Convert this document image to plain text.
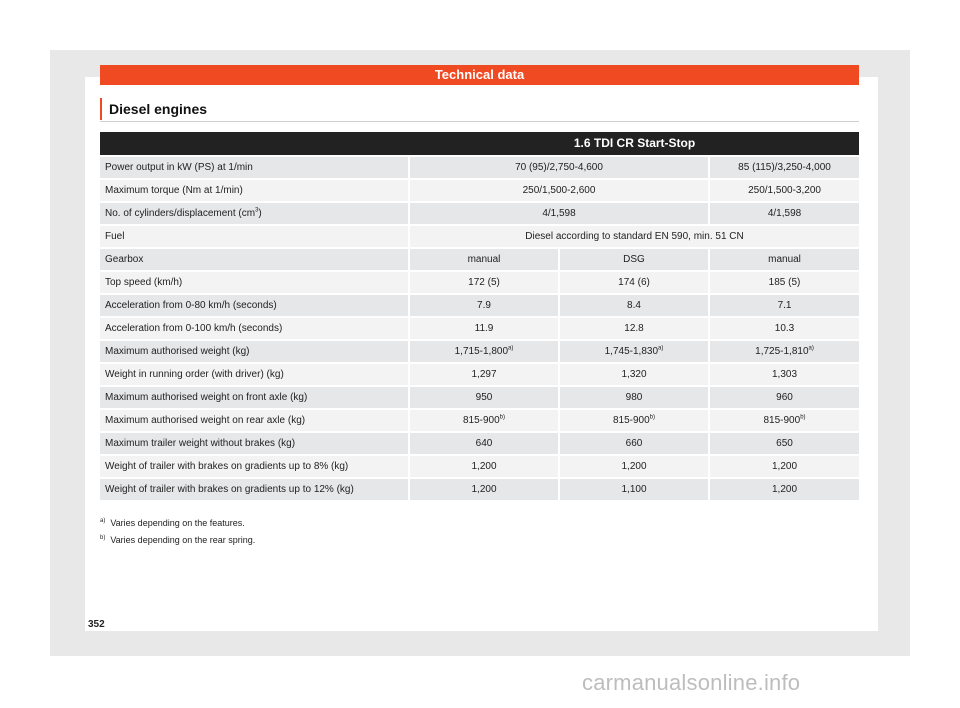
Technical data
Diesel engines
	1.6 TDI CR Start-Stop		
Power output in kW (PS) at 1/min	70 (95)/2,750-4,600		85 (115)/3,250-4,000
Maximum torque (Nm at 1/min)	250/1,500-2,600		250/1,500-3,200
No. of cylinders/displacement $(cm^3)$	4/1,598		4/1,598
Fuel	Diesel according to standard EN 590, min. 51 CN		
Gearbox	manual	DSG	manual
Top speed (km/h)	172 (5)	174 (6)	185 (5)
Acceleration from 0-80 km/h (seconds)	7.9	8.4	7.1
Acceleration from 0-100 km/h (seconds)	11.9	12.8	10.3
Maximum authorised weight (kg)	1,715-1,800$^{a)}$	1,745-1,830$^{a)}$	1,725-1,810$^{a)}$
Weight in running order (with driver) (kg)	1,297	1,320	1,303
Maximum authorised weight on front axle (kg)	950	980	960
Maximum authorised weight on rear axle (kg)	815-900$^{b)}$	815-900$^{b)}$	815-900$^{b)}$
Maximum trailer weight without brakes (kg)	640	660	650
Weight of trailer with brakes on gradients up to 8% (kg)	1,200	1,200	1,200
Weight of trailer with brakes on gradients up to 12% (kg)	1,200	1,100	1,200
$^{a)}$ Varies depending on the features.
$^{b)}$ Varies depending on the rear spring.
352
carmanualsonline.info
